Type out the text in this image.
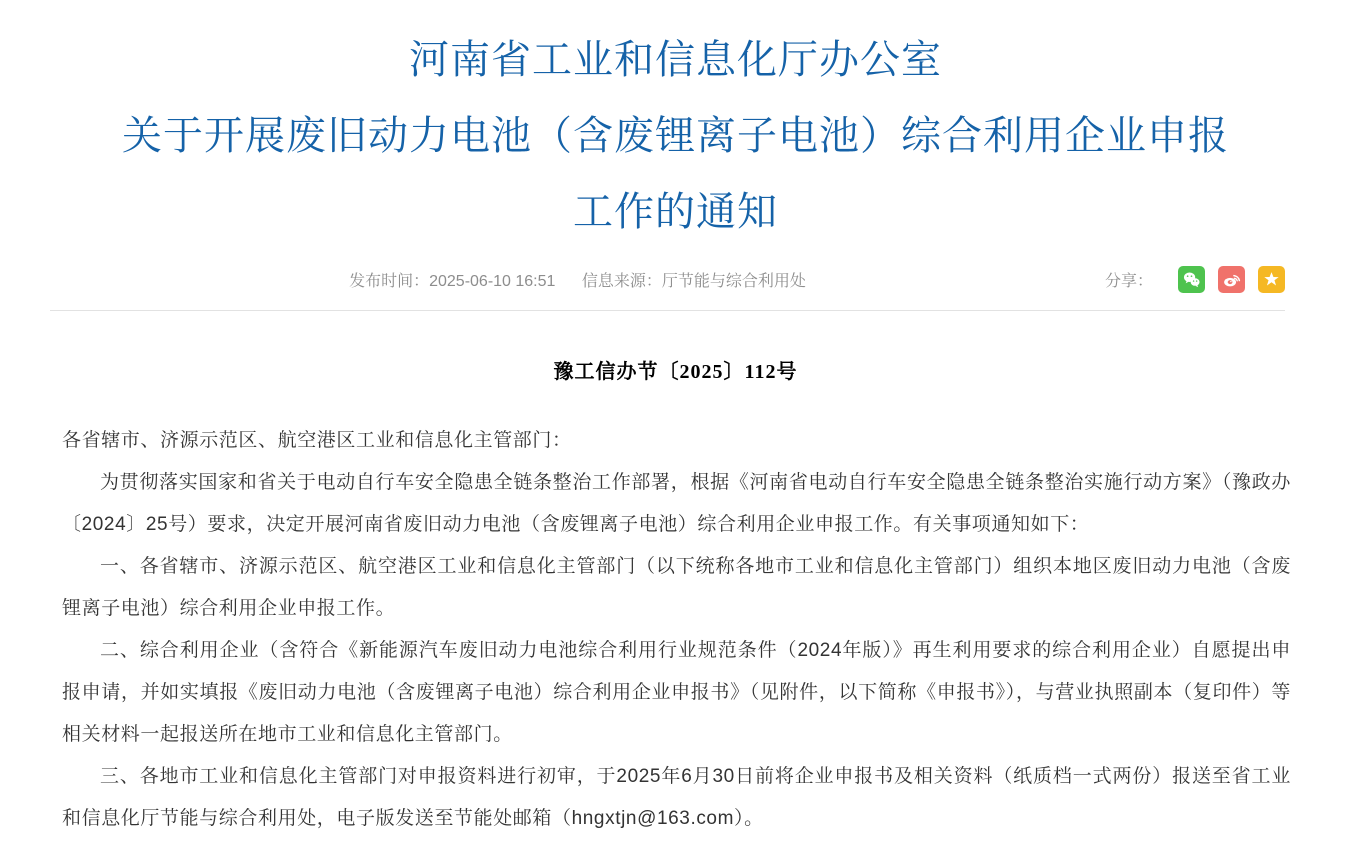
河南省工业和信息化厅办公室
关于开展废旧动力电池（含废锂离子电池）综合利用企业申报
工作的通知
发布时间：2025-06-10 16:51 信息来源：厅节能与综合利用处	分享：
豫工信办节〔2025〕112号

各省辖市、济源示范区、航空港区工业和信息化主管部门：

为贯彻落实国家和省关于电动自行车安全隐患全链条整治工作部署，根据《河南省电动自行车安全隐患全链条整治实施行动方案》（豫政办〔2024〕25号）要求，决定开展河南省废旧动力电池（含废锂离子电池）综合利用企业申报工作。有关事项通知如下：

一、各省辖市、济源示范区、航空港区工业和信息化主管部门（以下统称各地市工业和信息化主管部门）组织本地区废旧动力电池（含废锂离子电池）综合利用企业申报工作。

二、综合利用企业（含符合《新能源汽车废旧动力电池综合利用行业规范条件（2024年版）》再生利用要求的综合利用企业）自愿提出申报申请，并如实填报《废旧动力电池（含废锂离子电池）综合利用企业申报书》（见附件，以下简称《申报书》），与营业执照副本（复印件）等相关材料一起报送所在地市工业和信息化主管部门。

三、各地市工业和信息化主管部门对申报资料进行初审，于2025年6月30日前将企业申报书及相关资料（纸质档一式两份）报送至省工业和信息化厅节能与综合利用处，电子版发送至节能处邮箱（hngxtjn@163.com）。
